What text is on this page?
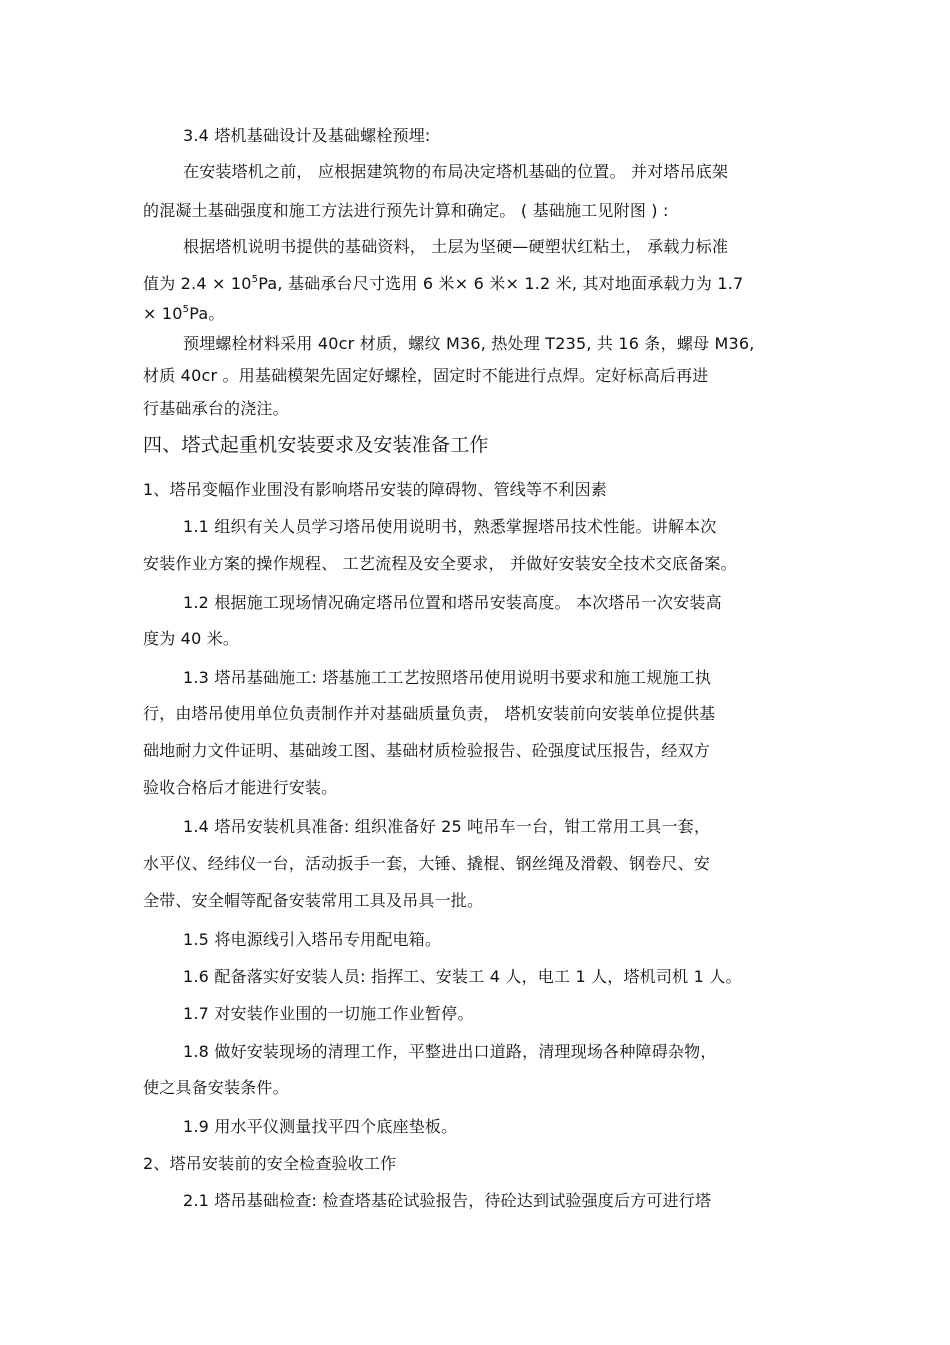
3.4 塔机基础设计及基础螺栓预埋:
在安装塔机之前， 应根据建筑物的布局决定塔机基础的位置。 并对塔吊底架
的混凝土基础强度和施工方法进行预先计算和确定。 ( 基础施工见附图 ) :
根据塔机说明书提供的基础资料， 土层为坚硬—硬塑状红粘土， 承载力标准
值为 $2.4 \times 10^5Pa$, 基础承台尺寸选用 6 米× 6 米× 1.2 米, 其对地面承载力为 1.7
× $10^5Pa$。
预埋螺栓材料采用 40cr 材质，螺纹 M36, 热处理 T235, 共 16 条，螺母 M36,
材质 40cr 。用基础模架先固定好螺栓，固定时不能进行点焊。定好标高后再进
行基础承台的浇注。
四、塔式起重机安装要求及安装准备工作
1、塔吊变幅作业围没有影响塔吊安装的障碍物、管线等不利因素
1.1 组织有关人员学习塔吊使用说明书，熟悉掌握塔吊技术性能。讲解本次
安装作业方案的操作规程、 工艺流程及安全要求， 并做好安装安全技术交底备案。
1.2 根据施工现场情况确定塔吊位置和塔吊安装高度。 本次塔吊一次安装高
度为 40 米。
1.3 塔吊基础施工: 塔基施工工艺按照塔吊使用说明书要求和施工规施工执
行，由塔吊使用单位负责制作并对基础质量负责， 塔机安装前向安装单位提供基
础地耐力文件证明、基础竣工图、基础材质检验报告、砼强度试压报告，经双方
验收合格后才能进行安装。
1.4 塔吊安装机具准备: 组织准备好 25 吨吊车一台，钳工常用工具一套，
水平仪、经纬仪一台，活动扳手一套，大锤、撬棍、钢丝绳及滑毂、钢卷尺、安
全带、安全帽等配备安装常用工具及吊具一批。
1.5 将电源线引入塔吊专用配电箱。
1.6 配备落实好安装人员: 指挥工、安装工 4 人，电工 1 人，塔机司机 1 人。
1.7 对安装作业围的一切施工作业暂停。
1.8 做好安装现场的清理工作，平整进出口道路，清理现场各种障碍杂物，
使之具备安装条件。
1.9 用水平仪测量找平四个底座垫板。
2、塔吊安装前的安全检查验收工作
2.1 塔吊基础检查: 检查塔基砼试验报告，待砼达到试验强度后方可进行塔
